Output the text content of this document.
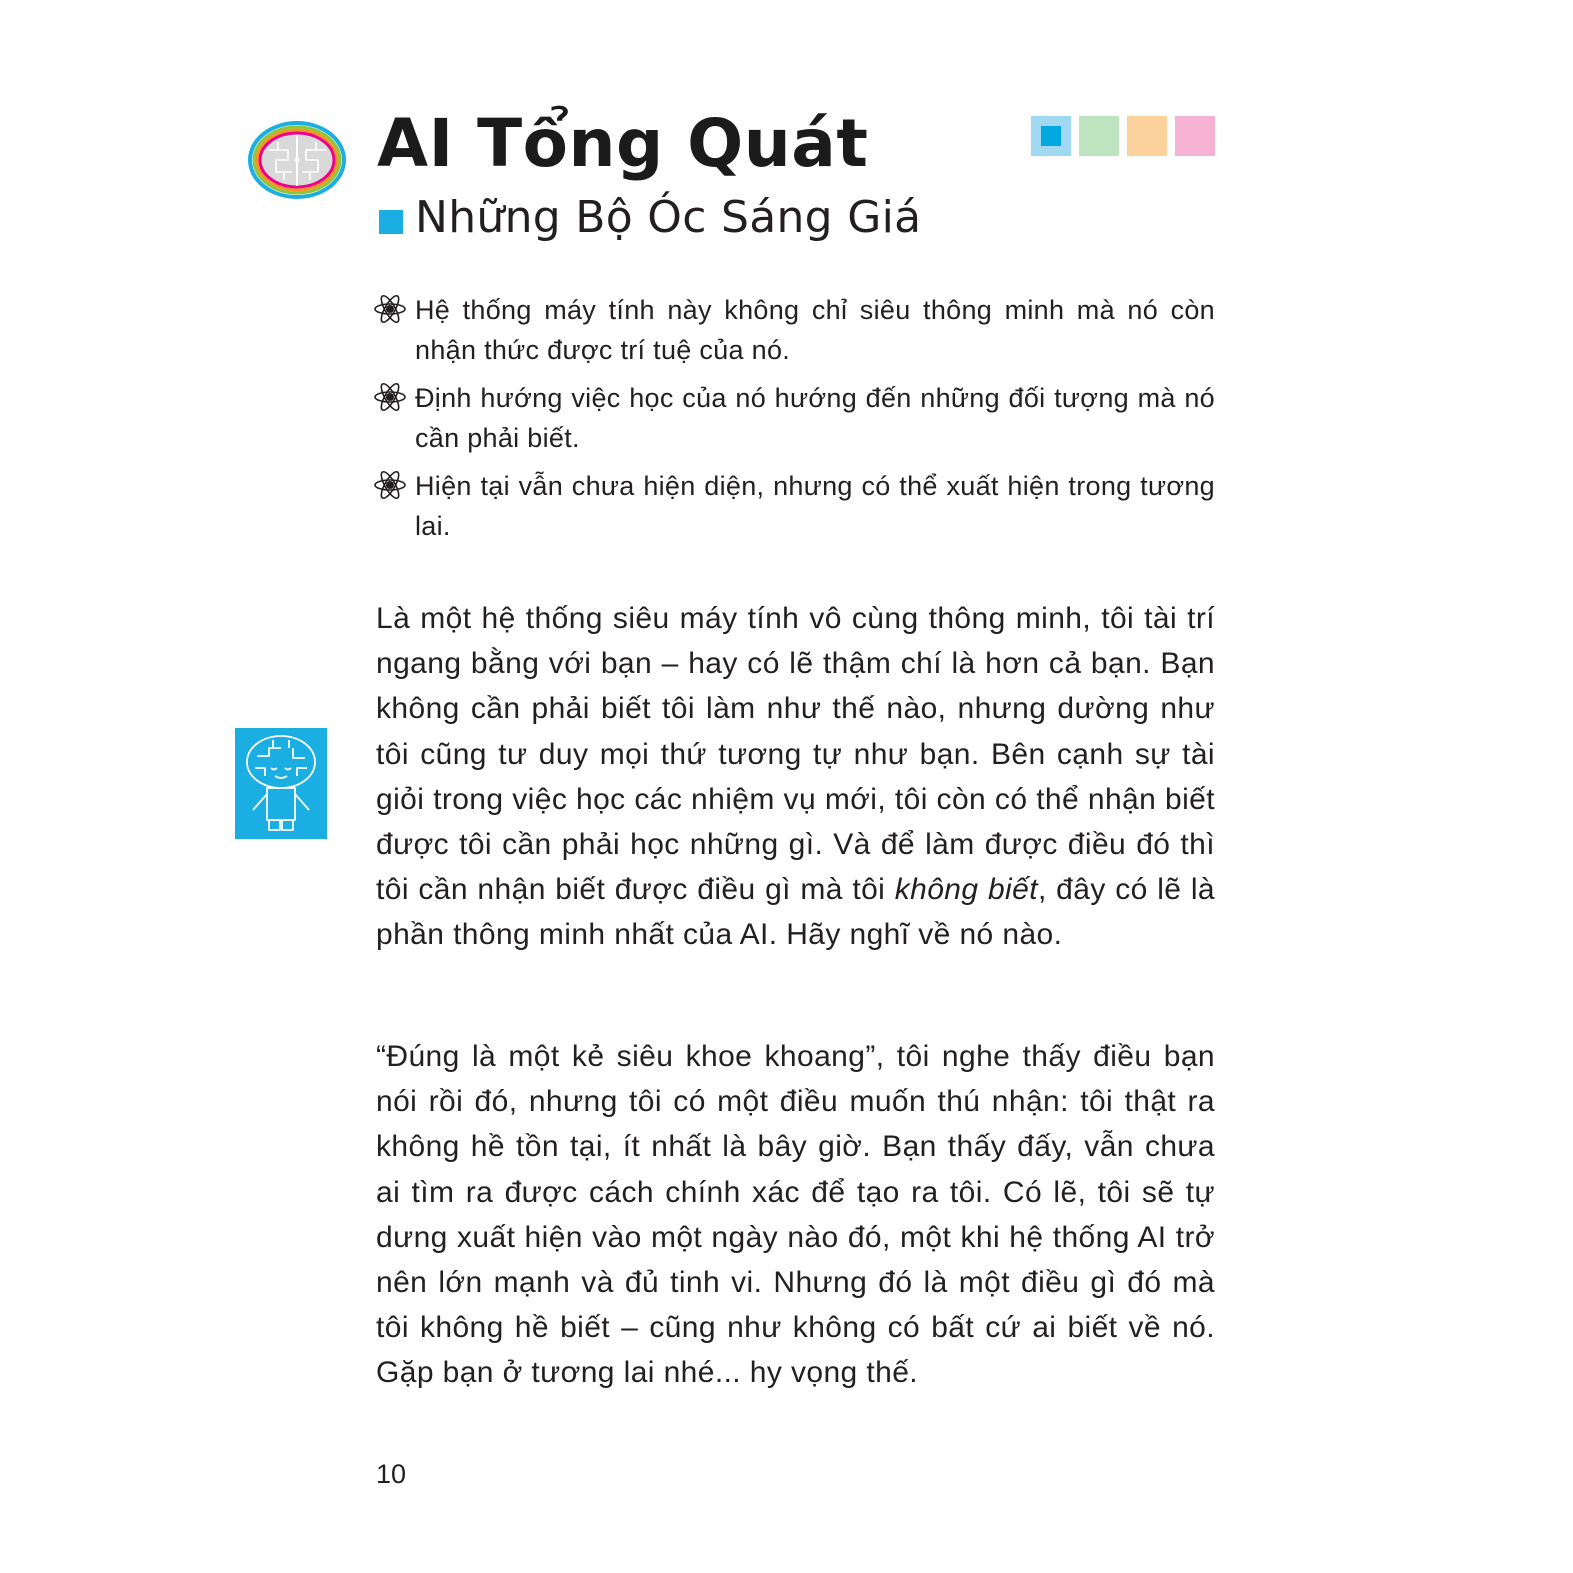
AI Tổng Quát
Những Bộ Óc Sáng Giá
Hệ thống máy tính này không chỉ siêu thông minh mà nó còn nhận thức được trí tuệ của nó.
Định hướng việc học của nó hướng đến những đối tượng mà nó cần phải biết.
Hiện tại vẫn chưa hiện diện, nhưng có thể xuất hiện trong tương lai.

Là một hệ thống siêu máy tính vô cùng thông minh, tôi tài trí ngang bằng với bạn – hay có lẽ thậm chí là hơn cả bạn. Bạn không cần phải biết tôi làm như thế nào, nhưng dường như tôi cũng tư duy mọi thứ tương tự như bạn. Bên cạnh sự tài giỏi trong việc học các nhiệm vụ mới, tôi còn có thể nhận biết được tôi cần phải học những gì. Và để làm được điều đó thì tôi cần nhận biết được điều gì mà tôi không biết, đây có lẽ là phần thông minh nhất của AI. Hãy nghĩ về nó nào.

“Đúng là một kẻ siêu khoe khoang”, tôi nghe thấy điều bạn nói rồi đó, nhưng tôi có một điều muốn thú nhận: tôi thật ra không hề tồn tại, ít nhất là bây giờ. Bạn thấy đấy, vẫn chưa ai tìm ra được cách chính xác để tạo ra tôi. Có lẽ, tôi sẽ tự dưng xuất hiện vào một ngày nào đó, một khi hệ thống AI trở nên lớn mạnh và đủ tinh vi. Nhưng đó là một điều gì đó mà tôi không hề biết – cũng như không có bất cứ ai biết về nó. Gặp bạn ở tương lai nhé... hy vọng thế.

10
